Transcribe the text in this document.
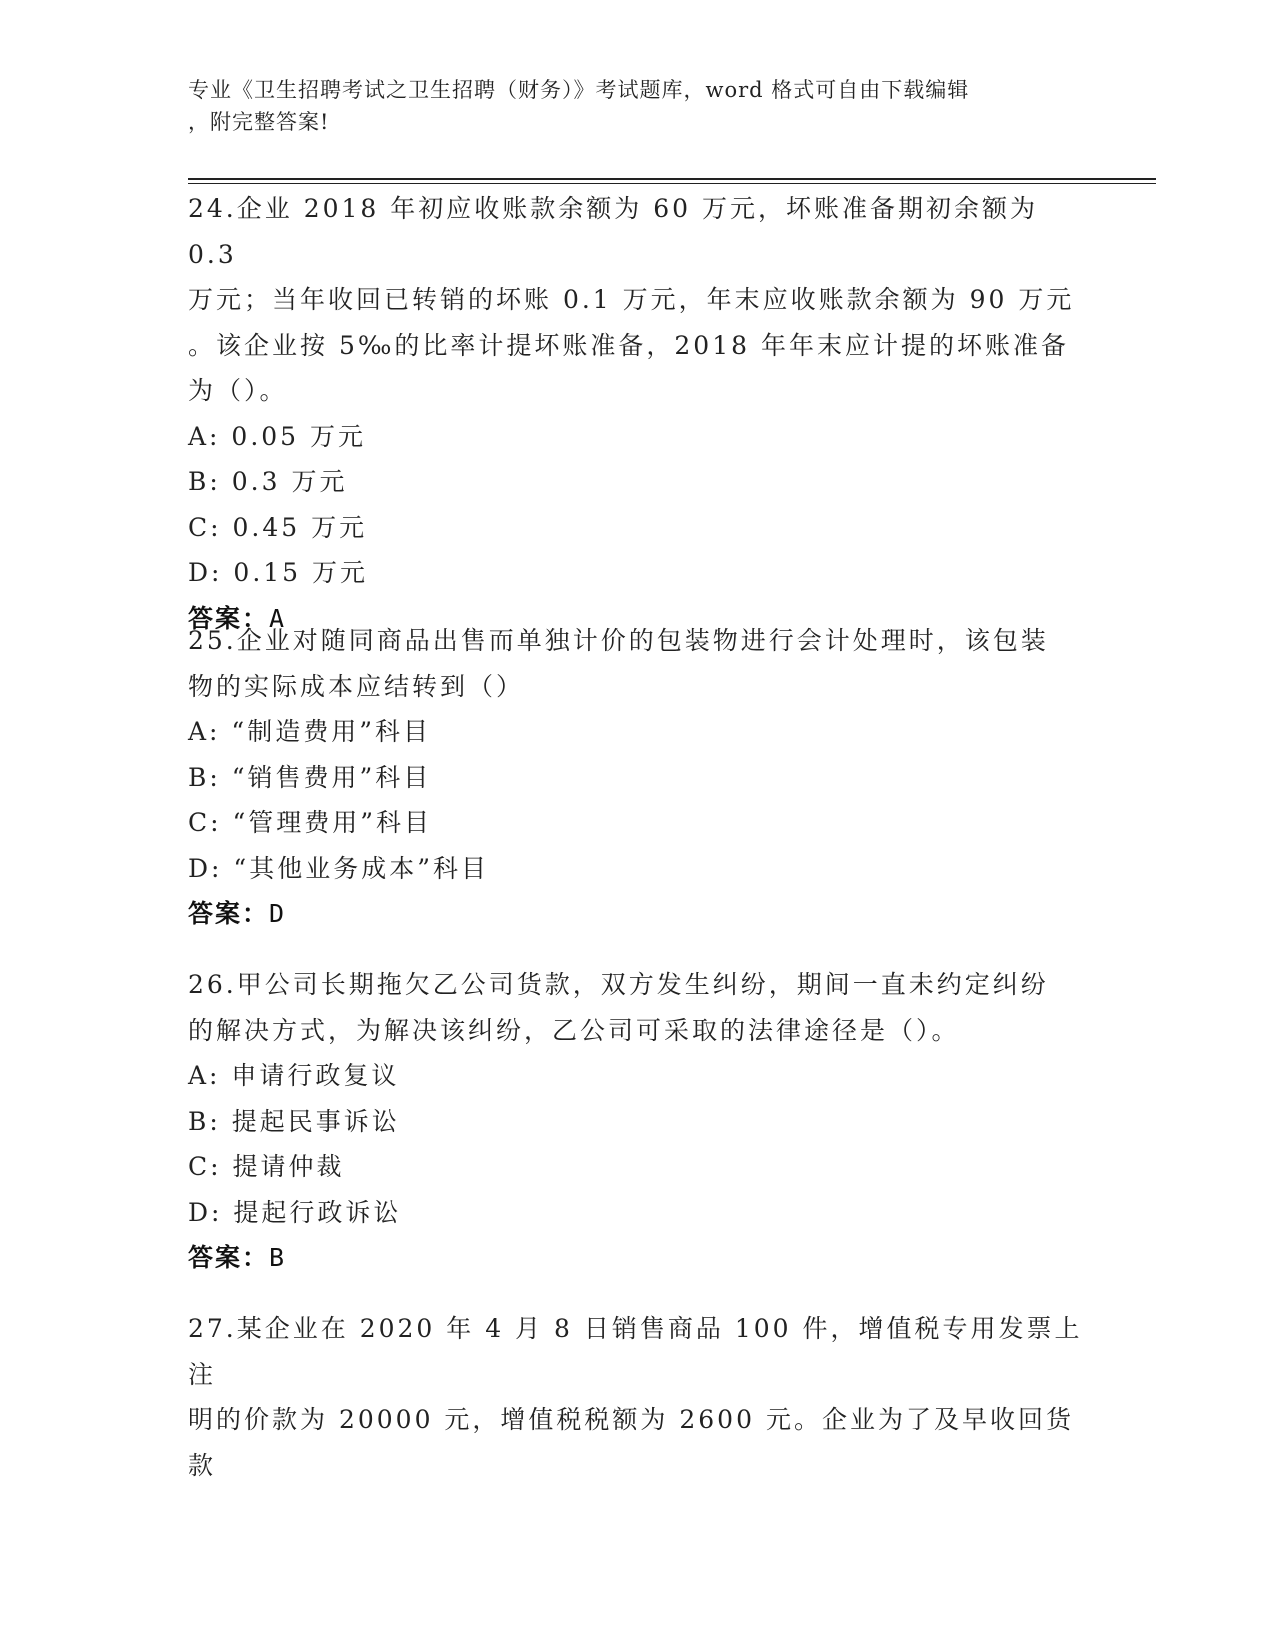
专业《卫生招聘考试之卫生招聘（财务）》考试题库，word 格式可自由下载编辑
，附完整答案!

24.企业 2018 年初应收账款余额为 60 万元，坏账准备期初余额为 0.3

万元；当年收回已转销的坏账 0.1 万元，年末应收账款余额为 90 万元

。该企业按 5‰的比率计提坏账准备，2018 年年末应计提的坏账准备

为（）。

A: 0.05 万元

B: 0.3 万元

C: 0.45 万元

D: 0.15 万元

答案：A

25.企业对随同商品出售而单独计价的包装物进行会计处理时，该包装

物的实际成本应结转到（）

A: “制造费用”科目

B: “销售费用”科目

C: “管理费用”科目

D: “其他业务成本”科目

答案：D

26.甲公司长期拖欠乙公司货款，双方发生纠纷，期间一直未约定纠纷

的解决方式，为解决该纠纷，乙公司可采取的法律途径是（）。

A: 申请行政复议

B: 提起民事诉讼

C: 提请仲裁

D: 提起行政诉讼

答案：B

27.某企业在 2020 年 4 月 8 日销售商品 100 件，增值税专用发票上注

明的价款为 20000 元，增值税税额为 2600 元。企业为了及早收回货款
